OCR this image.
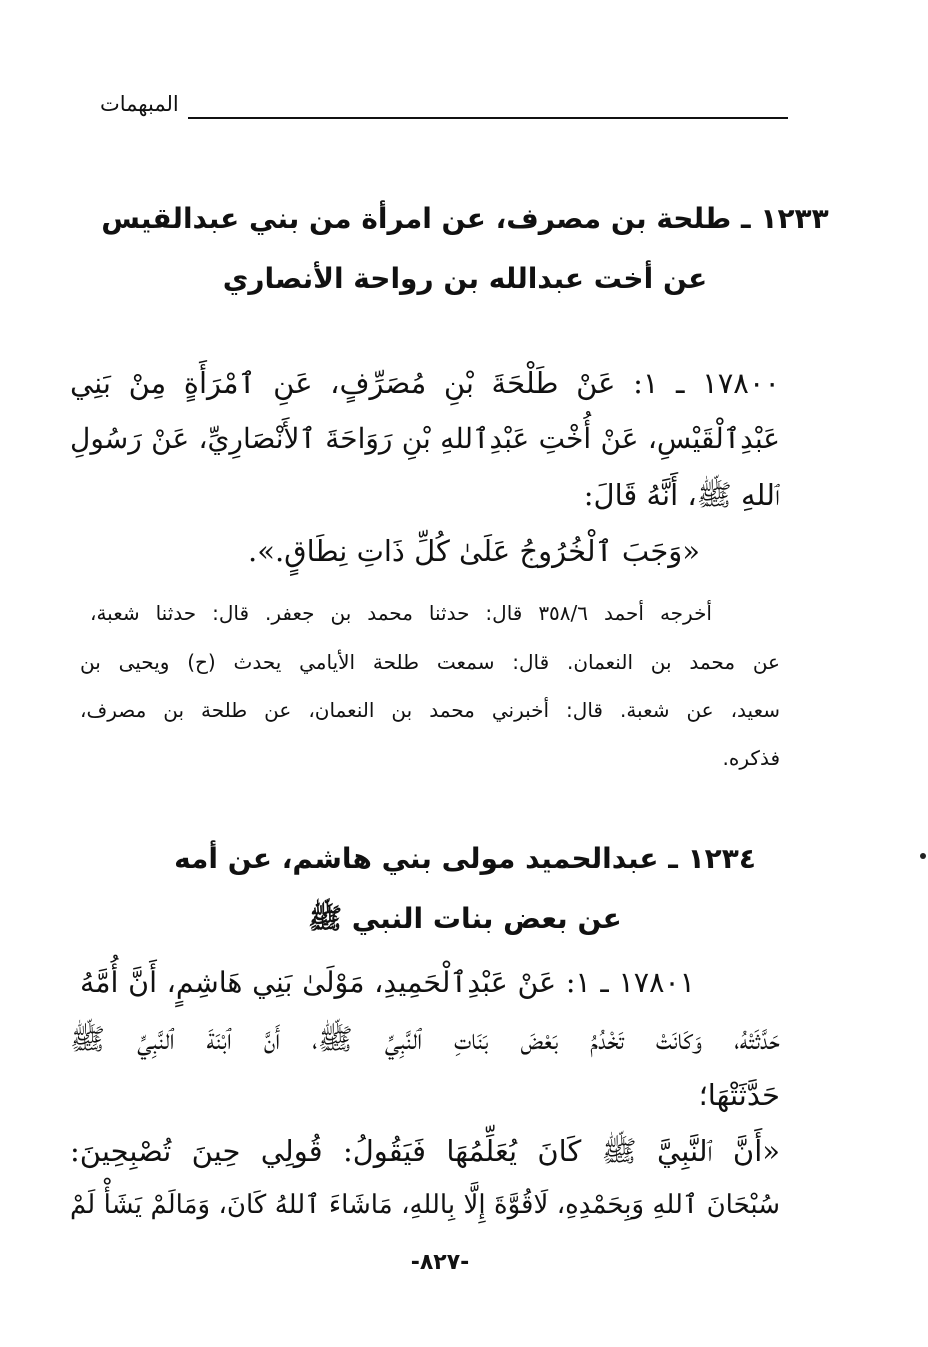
المبهمات
١٢٣٣ ـ طلحة بن مصرف، عن امرأة من بني عبدالقيس
عن أخت عبدالله بن رواحة الأنصاري
١٧٨٠٠ ـ ١: عَنْ طَلْحَةَ بْنِ مُصَرِّفٍ، عَنِ ٱمْرَأَةٍ مِنْ بَنِي
عَبْدِٱلْقَيْسِ، عَنْ أُخْتِ عَبْدِٱللهِ بْنِ رَوَاحَةَ ٱلأَنْصَارِيِّ، عَنْ رَسُولِ
ٱللهِ ﷺ، أَنَّهُ قَالَ:
«وَجَبَ ٱلْخُرُوجُ عَلَىٰ كُلِّ ذَاتِ نِطَاقٍ.».
أخرجه أحمد ٣٥٨/٦ قال: حدثنا محمد بن جعفر. قال: حدثنا شعبة،
عن محمد بن النعمان. قال: سمعت طلحة الأيامي يحدث (ح) ويحيى بن
سعيد، عن شعبة. قال: أخبرني محمد بن النعمان، عن طلحة بن مصرف،
فذكره.
١٢٣٤ ـ عبدالحميد مولى بني هاشم، عن أمه
عن بعض بنات النبي ﷺ
١٧٨٠١ ـ ١: عَنْ عَبْدِٱلْحَمِيدِ، مَوْلَىٰ بَنِي هَاشِمٍ، أَنَّ أُمَّهُ
حَدَّثَتْهُ، وَكَانَتْ تَخْدُمُ بَعْضَ بَنَاتِ ٱلنَّبِيِّ ﷺ، أَنَّ ٱبْنَةَ ٱلنَّبِيِّ ﷺ
حَدَّثَتْهَا؛
«أَنَّ ٱلنَّبِيَّ ﷺ كَانَ يُعَلِّمُهَا فَيَقُولُ: قُولِي حِينَ تُصْبِحِينَ:
سُبْحَانَ ٱللهِ وَبِحَمْدِهِ، لَاقُوَّةَ إِلَّا بِاللهِ، مَاشَاءَ ٱللهُ كَانَ، وَمَالَمْ يَشَأْ لَمْ
-٨٢٧-
